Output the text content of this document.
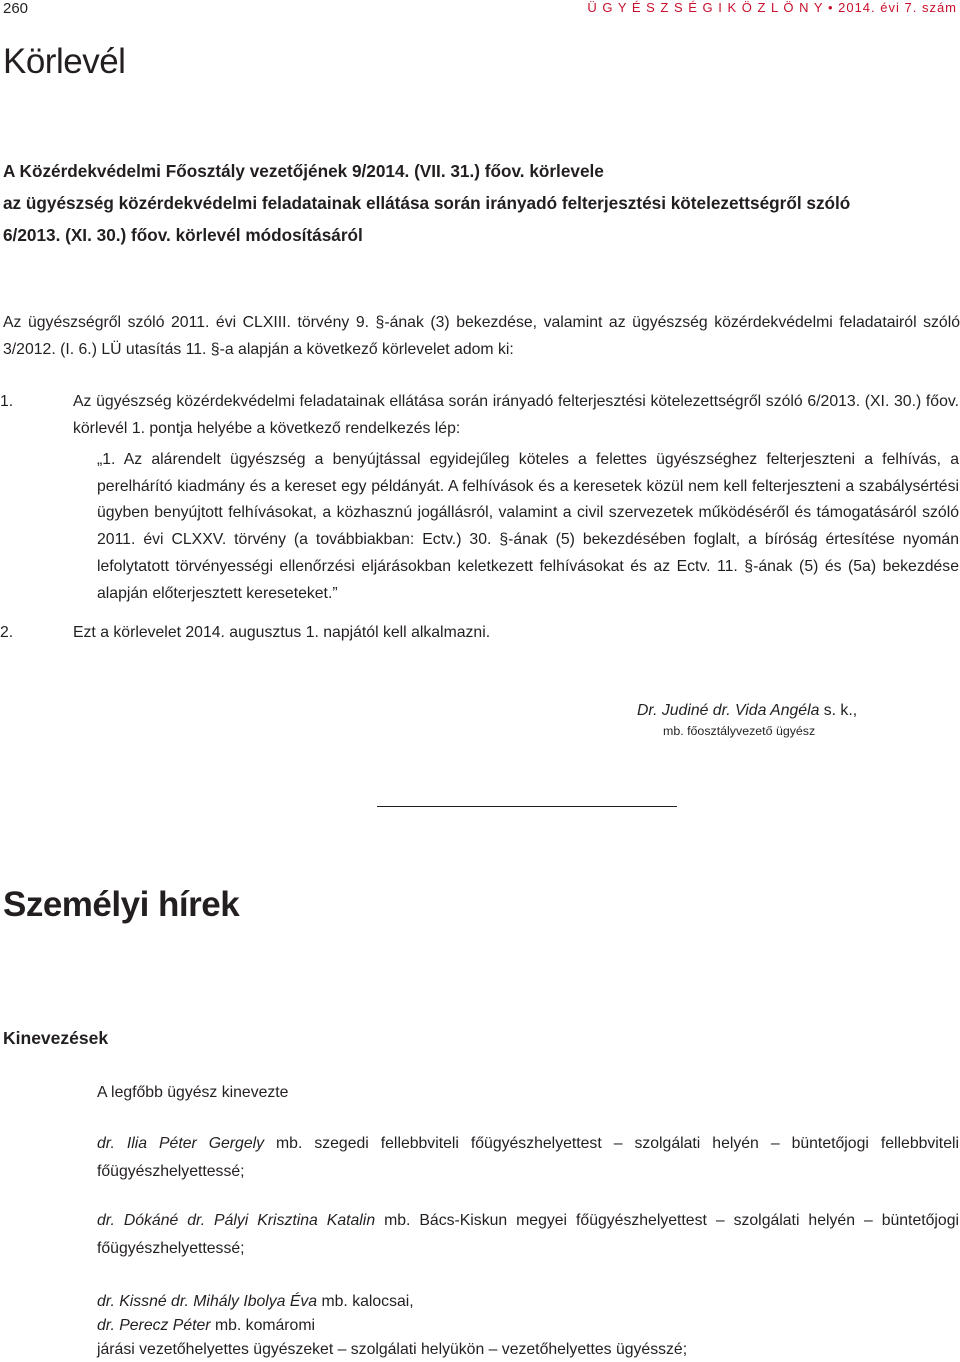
260	Ü G Y É S Z S É G I K Ö Z L Ö N Y • 2014. évi 7. szám
Körlevél
A Közérdekvédelmi Főosztály vezetőjének 9/2014. (VII. 31.) főov. körlevele
az ügyészség közérdekvédelmi feladatainak ellátása során irányadó felterjesztési kötelezettségről szóló
6/2013. (XI. 30.) főov. körlevél módosításáról

Az ügyészségről szóló 2011. évi CLXIII. törvény 9. §-ának (3) bekezdése, valamint az ügyészség közérdekvédelmi feladatairól szóló 3/2012. (I. 6.) LÜ utasítás 11. §-a alapján a következő körlevelet adom ki:

1.	Az ügyészség közérdekvédelmi feladatainak ellátása során irányadó felterjesztési kötelezettségről szóló 6/2013. (XI. 30.) főov. körlevél 1. pontja helyébe a következő rendelkezés lép:

„1. Az alárendelt ügyészség a benyújtással egyidejűleg köteles a felettes ügyészséghez felterjeszteni a felhívás, a perelhárító kiadmány és a kereset egy példányát. A felhívások és a keresetek közül nem kell felterjeszteni a szabálysértési ügyben benyújtott felhívásokat, a közhasznú jogállásról, valamint a civil szervezetek működéséről és támogatásáról szóló 2011. évi CLXXV. törvény (a továbbiakban: Ectv.) 30. §-ának (5) bekezdésében foglalt, a bíróság értesítése nyomán lefolytatott törvényességi ellenőrzési eljárásokban keletkezett felhívásokat és az Ectv. 11. §-ának (5) és (5a) bekezdése alapján előterjesztett kereseteket.”

2.	Ezt a körlevelet 2014. augusztus 1. napjától kell alkalmazni.

Dr. Judiné dr. Vida Angéla s. k.,
mb. főosztályvezető ügyész
Személyi hírek
Kinevezések
A legfőbb ügyész kinevezte

dr. Ilia Péter Gergely mb. szegedi fellebbviteli főügyészhelyettest – szolgálati helyén – büntetőjogi fellebbviteli főügyészhelyettessé;

dr. Dókáné dr. Pályi Krisztina Katalin mb. Bács-Kiskun megyei főügyészhelyettest – szolgálati helyén – büntetőjogi főügyészhelyettessé;

dr. Kissné dr. Mihály Ibolya Éva mb. kalocsai,
dr. Perecz Péter mb. komáromi
járási vezetőhelyettes ügyészeket – szolgálati helyükön – vezetőhelyettes ügyésszé;
